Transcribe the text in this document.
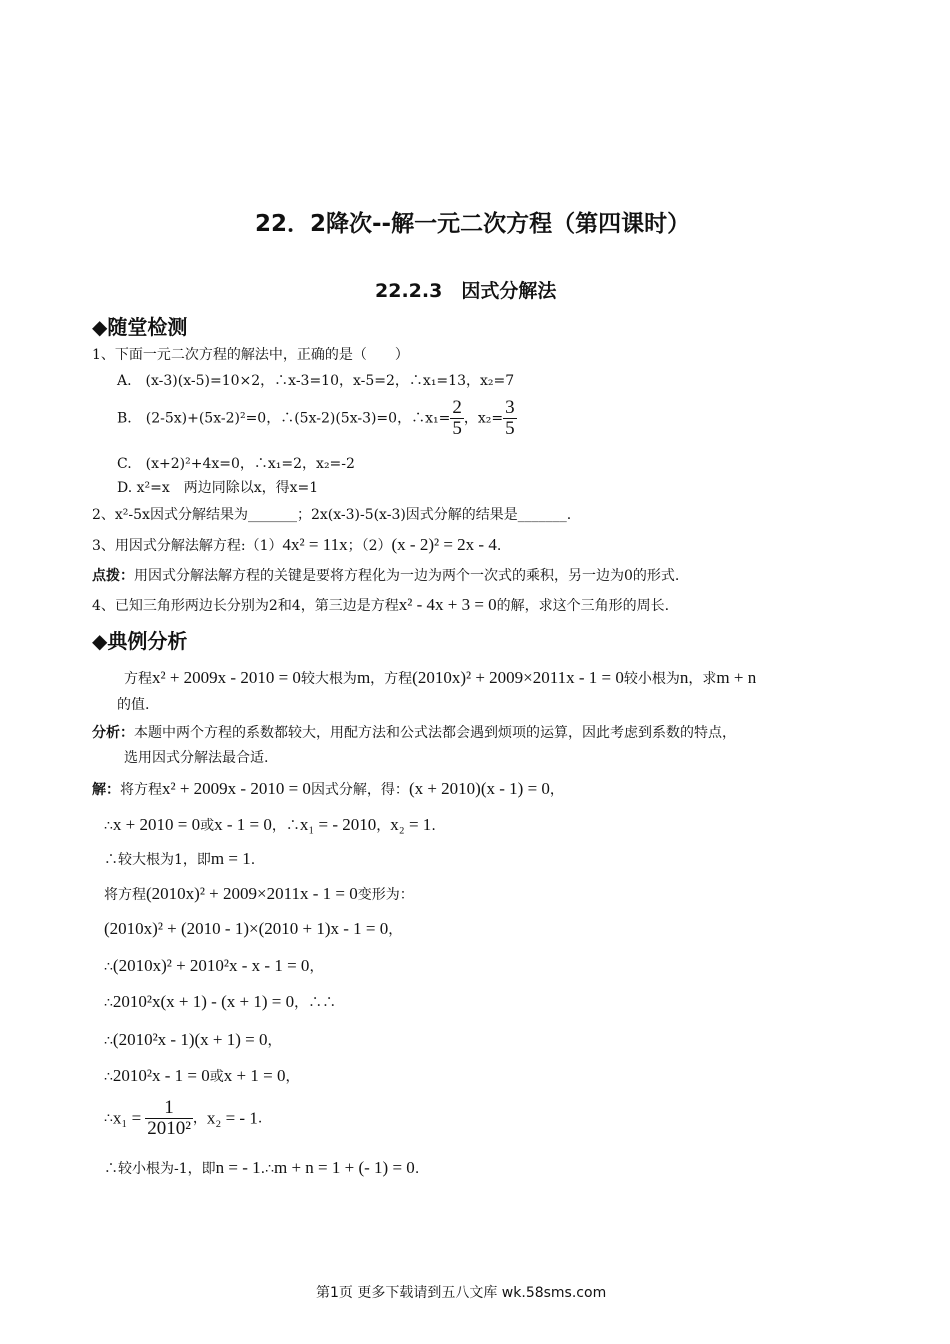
22．2降次--解一元二次方程（第四课时）
22.2.3　因式分解法
◆随堂检测
1、下面一元二次方程的解法中，正确的是（　　）
A.　(x-3)(x-5)=10×2，∴x-3=10，x-5=2，∴x₁=13，x₂=7
B.　(2-5x)+(5x-2)²=0，∴(5x-2)(5x-3)=0，∴x₁= $\frac{2}{5}$ ，$x_2= \frac{3}{5}$
C.　(x+2)²+4x=0，∴x₁=2，x₂=-2
D. x²=x　两边同除以x，得x=1
2、x²-5x因式分解结果为_______；2x(x-3)-5(x-3)因式分解的结果是_______.
3、用因式分解法解方程:（1）4x² = 11x；（2）(x - 2)² = 2x - 4.
点拨：用因式分解法解方程的关键是要将方程化为一边为两个一次式的乘积，另一边为0的形式.
4、已知三角形两边长分别为2和4，第三边是方程x² - 4x + 3 = 0的解，求这个三角形的周长.
◆典例分析
方程x² + 2009x - 2010 = 0较大根为m，方程(2010x)² + 2009×2011x - 1 = 0较小根为n，求m + n
的值.
分析：本题中两个方程的系数都较大，用配方法和公式法都会遇到烦项的运算，因此考虑到系数的特点，
选用因式分解法最合适.
解：将方程x² + 2009x - 2010 = 0因式分解，得：(x + 2010)(x - 1) = 0，
∴x + 2010 = 0或x - 1 = 0，∴x₁ = - 2010，x₂ = 1.
∴较大根为1，即m = 1.
将方程(2010x)² + 2009×2011x - 1 = 0变形为：
(2010x)² + (2010 - 1)×(2010 + 1)x - 1 = 0，
∴(2010x)² + 2010²x - x - 1 = 0，
∴2010²x(x + 1) - (x + 1) = 0，∴∴
∴(2010²x - 1)(x + 1) = 0，
∴2010²x - 1 = 0或x + 1 = 0，
∴x₁ = $\frac{1}{\text{2010²}}$ ，x₂ = - 1.
∴较小根为-1，即n = - 1.∴m + n = 1 + (- 1) = 0.
第1页 更多下载请到五八文库 wk.58sms.com
